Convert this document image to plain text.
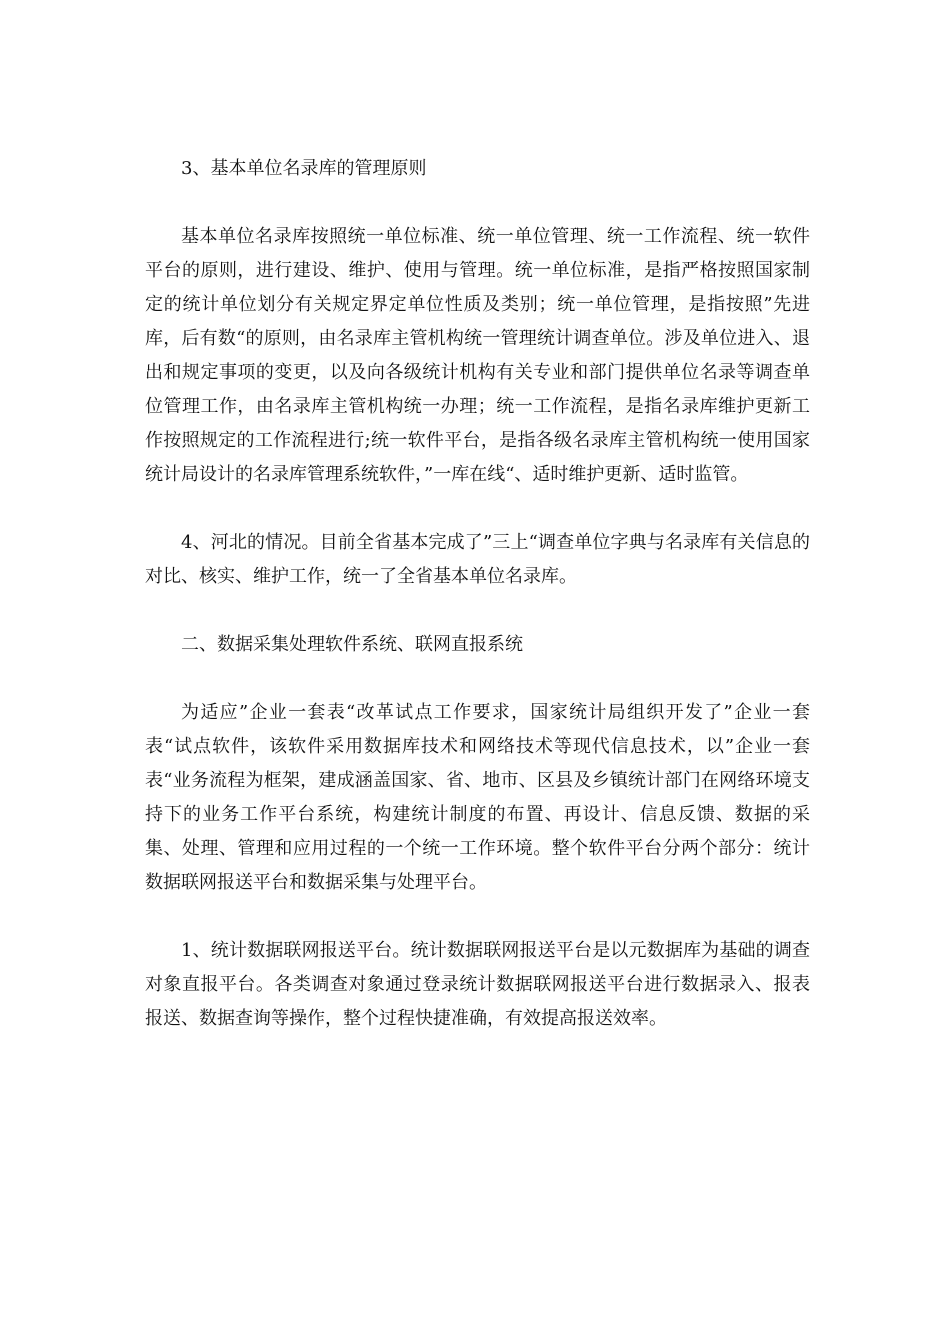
3、基本单位名录库的管理原则

基本单位名录库按照统一单位标准、统一单位管理、统一工作流程、统一软件平台的原则，进行建设、维护、使用与管理。统一单位标准，是指严格按照国家制定的统计单位划分有关规定界定单位性质及类别；统一单位管理，是指按照”先进库，后有数“的原则，由名录库主管机构统一管理统计调查单位。涉及单位进入、退出和规定事项的变更，以及向各级统计机构有关专业和部门提供单位名录等调查单位管理工作，由名录库主管机构统一办理；统一工作流程，是指名录库维护更新工作按照规定的工作流程进行;统一软件平台，是指各级名录库主管机构统一使用国家统计局设计的名录库管理系统软件，”一库在线“、适时维护更新、适时监管。

4、河北的情况。目前全省基本完成了”三上“调查单位字典与名录库有关信息的对比、核实、维护工作，统一了全省基本单位名录库。

二、数据采集处理软件系统、联网直报系统

为适应”企业一套表“改革试点工作要求，国家统计局组织开发了”企业一套表“试点软件，该软件采用数据库技术和网络技术等现代信息技术，以”企业一套表“业务流程为框架，建成涵盖国家、省、地市、区县及乡镇统计部门在网络环境支持下的业务工作平台系统，构建统计制度的布置、再设计、信息反馈、数据的采集、处理、管理和应用过程的一个统一工作环境。整个软件平台分两个部分：统计数据联网报送平台和数据采集与处理平台。

1、统计数据联网报送平台。统计数据联网报送平台是以元数据库为基础的调查对象直报平台。各类调查对象通过登录统计数据联网报送平台进行数据录入、报表报送、数据查询等操作，整个过程快捷准确，有效提高报送效率。
